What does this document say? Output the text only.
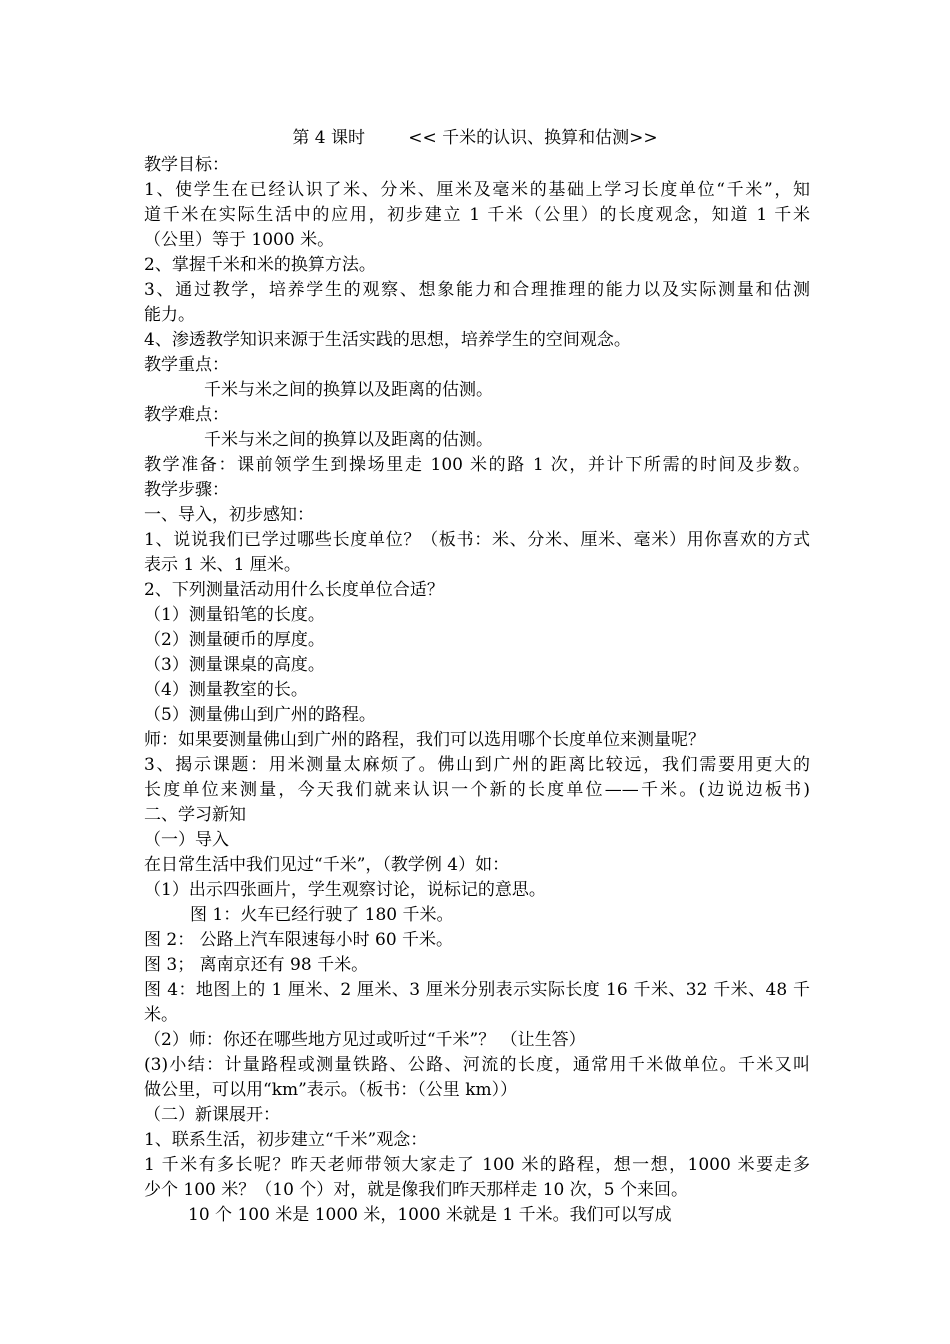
第 4 课时        << 千米的认识、换算和估测>>
教学目标：
1、使学生在已经认识了米、分米、厘米及毫米的基础上学习长度单位“千米”，知
道千米在实际生活中的应用，初步建立 1 千米（公里）的长度观念，知道 1 千米
（公里）等于 1000 米。
2、掌握千米和米的换算方法。
3、通过教学，培养学生的观察、想象能力和合理推理的能力以及实际测量和估测
能力。
4、渗透教学知识来源于生活实践的思想，培养学生的空间观念。
教学重点：
千米与米之间的换算以及距离的估测。
教学难点：
千米与米之间的换算以及距离的估测。
教学准备：课前领学生到操场里走 100 米的路 1 次，并计下所需的时间及步数。
教学步骤：
一、导入，初步感知：
1、说说我们已学过哪些长度单位？（板书：米、分米、厘米、毫米）用你喜欢的方式
表示 1 米、1 厘米。
2、下列测量活动用什么长度单位合适？
（1）测量铅笔的长度。
（2）测量硬币的厚度。
（3）测量课桌的高度。
（4）测量教室的长。
（5）测量佛山到广州的路程。
师：如果要测量佛山到广州的路程，我们可以选用哪个长度单位来测量呢？
3、揭示课题：用米测量太麻烦了。佛山到广州的距离比较远，我们需要用更大的
长度单位来测量，今天我们就来认识一个新的长度单位——千米。(边说边板书)
二、学习新知
（一）导入
在日常生活中我们见过“千米”，（教学例 4）如：
（1）出示四张画片，学生观察讨论，说标记的意思。
图 1：火车已经行驶了 180 千米。
图 2： 公路上汽车限速每小时 60 千米。
图 3； 离南京还有 98 千米。
图 4：地图上的 1 厘米、2 厘米、3 厘米分别表示实际长度 16 千米、32 千米、48 千
米。
（2）师：你还在哪些地方见过或听过“千米”？ （让生答）
(3)小结：计量路程或测量铁路、公路、河流的长度，通常用千米做单位。千米又叫
做公里，可以用“km”表示。（板书：（公里 km））
（二）新课展开：
1、联系生活，初步建立“千米”观念：
1 千米有多长呢？昨天老师带领大家走了 100 米的路程，想一想，1000 米要走多
少个 100 米？（10 个）对，就是像我们昨天那样走 10 次，5 个来回。
10 个 100 米是 1000 米，1000 米就是 1 千米。我们可以写成
